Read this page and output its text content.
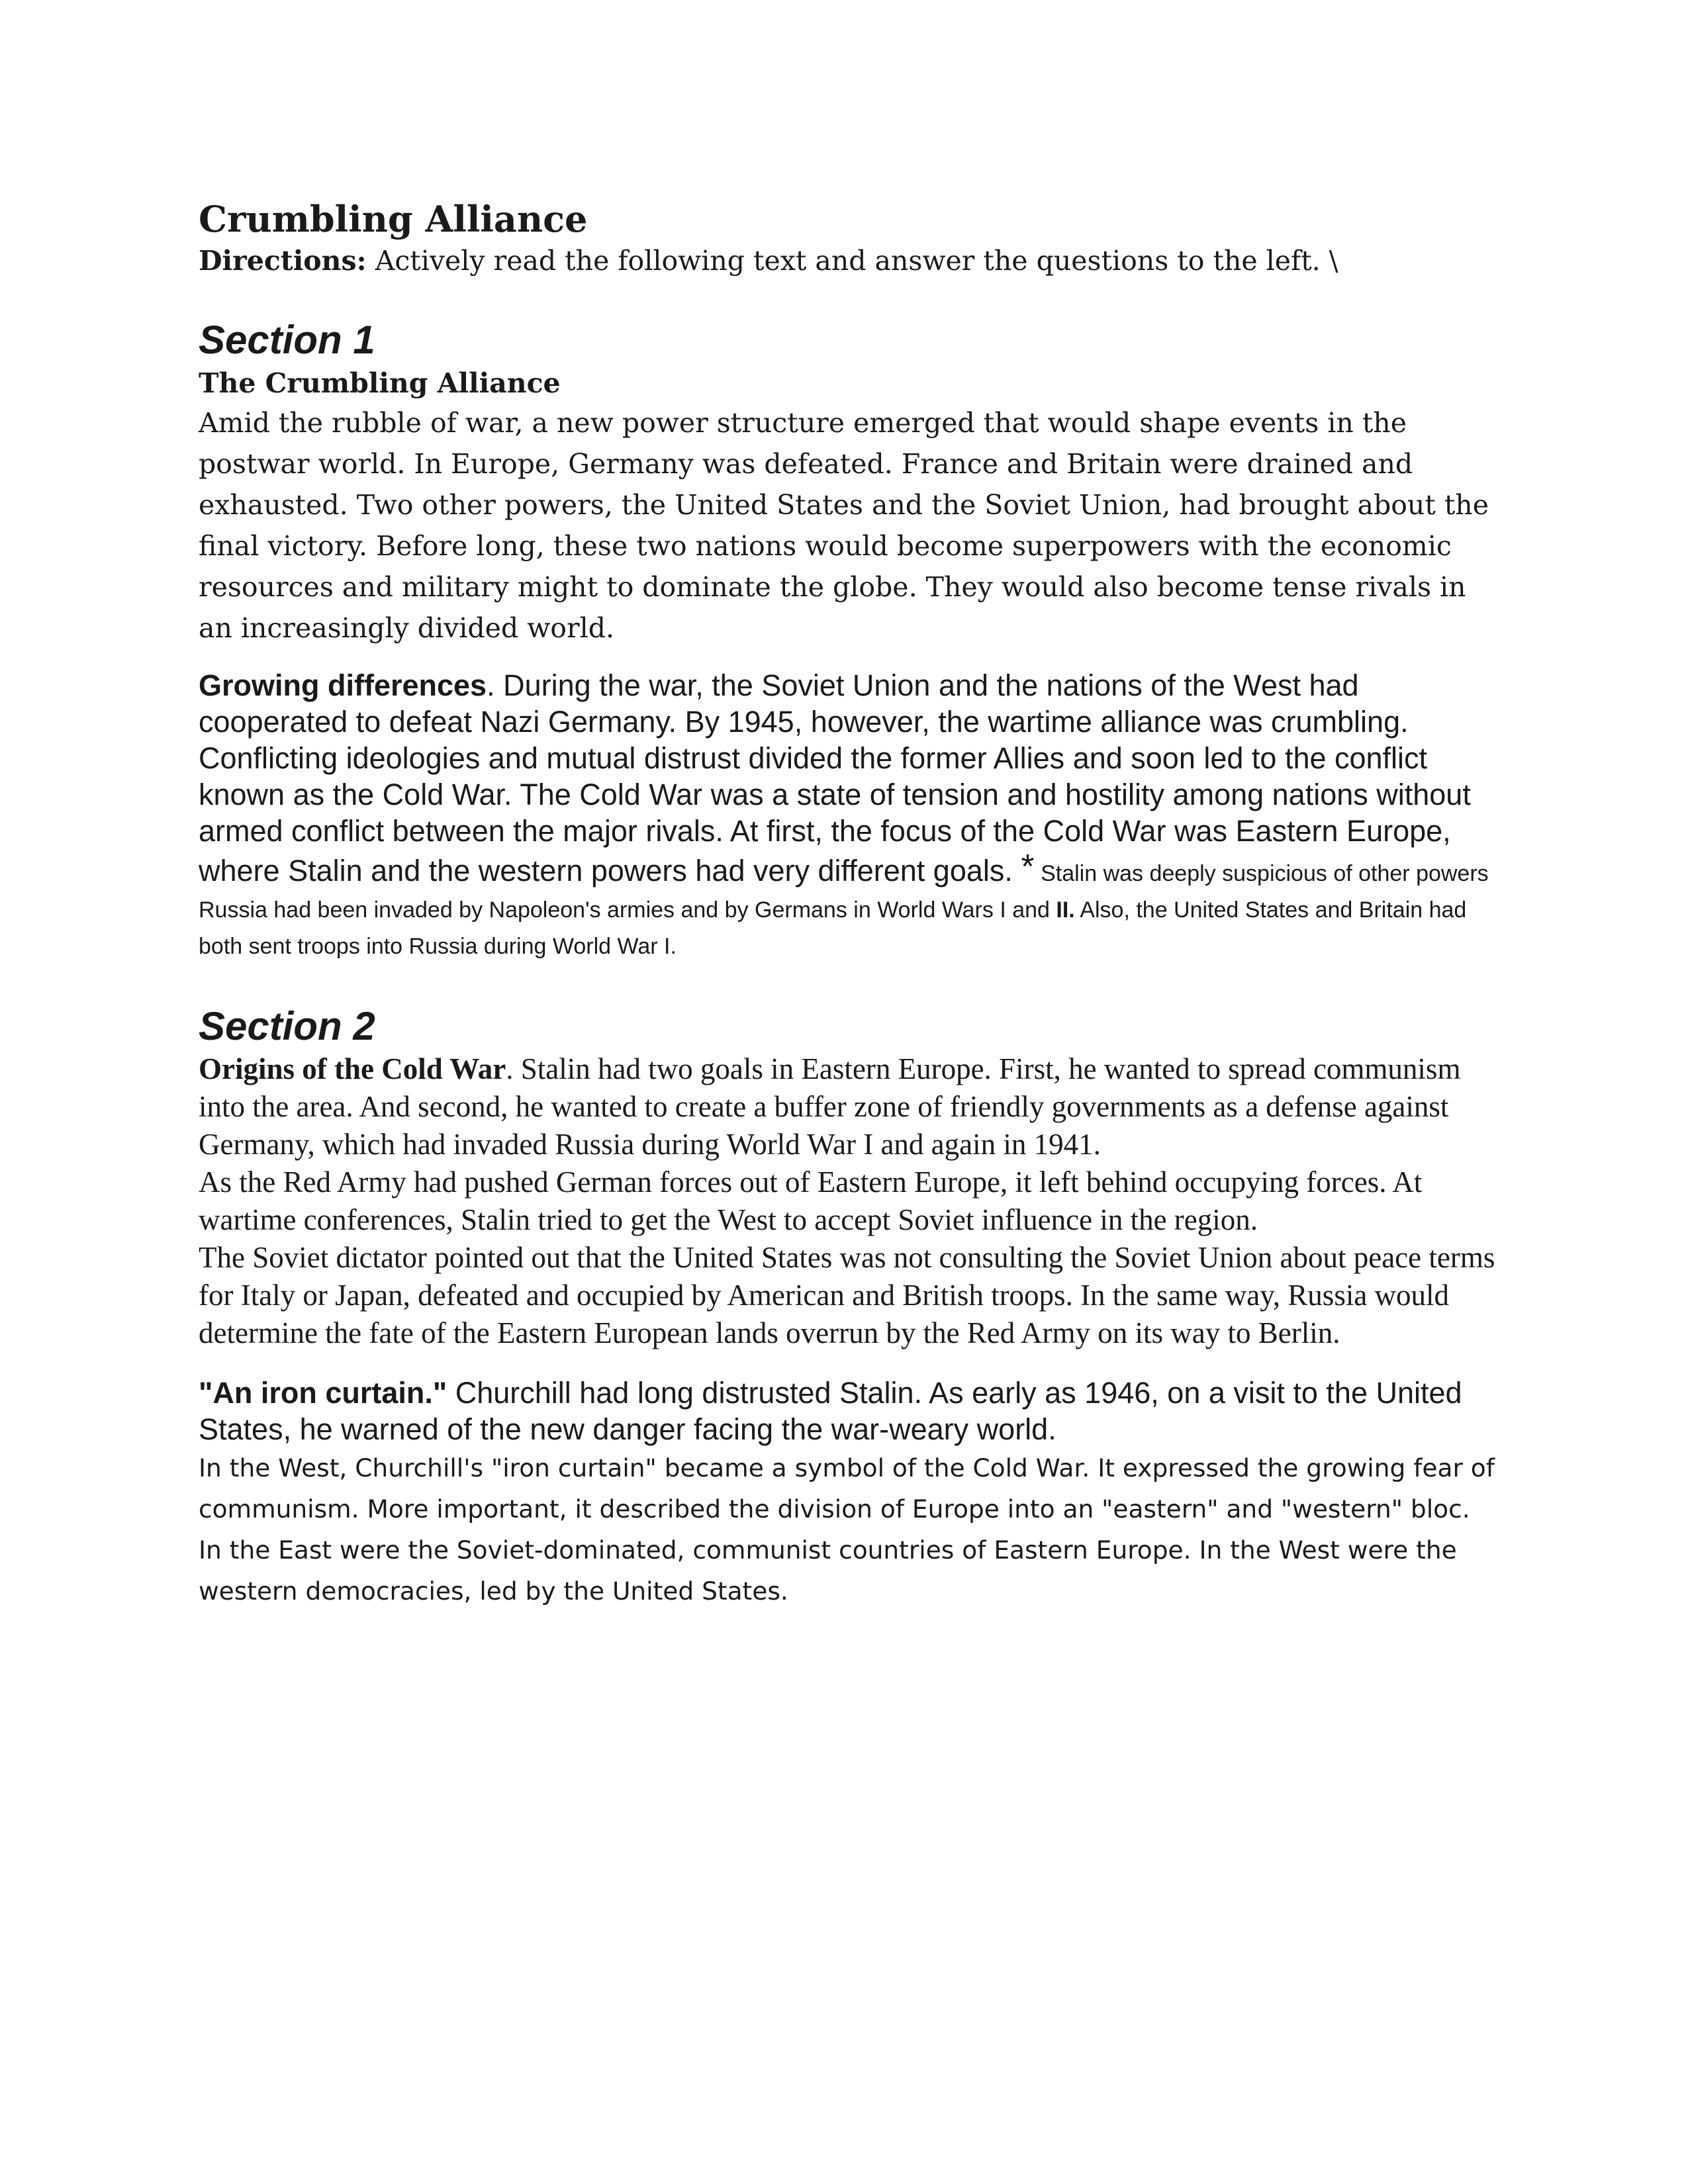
Crumbling Alliance

Directions: Actively read the following text and answer the questions to the left. \

Section 1
The Crumbling Alliance

Amid the rubble of war, a new power structure emerged that would shape events in the postwar world. In Europe, Germany was defeated. France and Britain were drained and exhausted. Two other powers, the United States and the Soviet Union, had brought about the final victory. Before long, these two nations would become superpowers with the economic resources and military might to dominate the globe. They would also become tense rivals in an increasingly divided world.

Growing differences. During the war, the Soviet Union and the nations of the West had cooperated to defeat Nazi Germany. By 1945, however, the wartime alliance was crumbling. Conflicting ideologies and mutual distrust divided the former Allies and soon led to the conflict known as the Cold War. The Cold War was a state of tension and hostility among nations without armed conflict between the major rivals. At first, the focus of the Cold War was Eastern Europe, where Stalin and the western powers had very different goals. * Stalin was deeply suspicious of other powers Russia had been invaded by Napoleon's armies and by Germans in World Wars I and II. Also, the United States and Britain had both sent troops into Russia during World War I.

Section 2

Origins of the Cold War. Stalin had two goals in Eastern Europe. First, he wanted to spread communism into the area. And second, he wanted to create a buffer zone of friendly governments as a defense against Germany, which had invaded Russia during World War I and again in 1941.

As the Red Army had pushed German forces out of Eastern Europe, it left behind occupying forces. At wartime conferences, Stalin tried to get the West to accept Soviet influence in the region.

The Soviet dictator pointed out that the United States was not consulting the Soviet Union about peace terms for Italy or Japan, defeated and occupied by American and British troops. In the same way, Russia would determine the fate of the Eastern European lands overrun by the Red Army on its way to Berlin.

"An iron curtain." Churchill had long distrusted Stalin. As early as 1946, on a visit to the United States, he warned of the new danger facing the war-weary world.

In the West, Churchill's "iron curtain" became a symbol of the Cold War. It expressed the growing fear of communism. More important, it described the division of Europe into an "eastern" and "western" bloc. In the East were the Soviet-dominated, communist countries of Eastern Europe. In the West were the western democracies, led by the United States.
